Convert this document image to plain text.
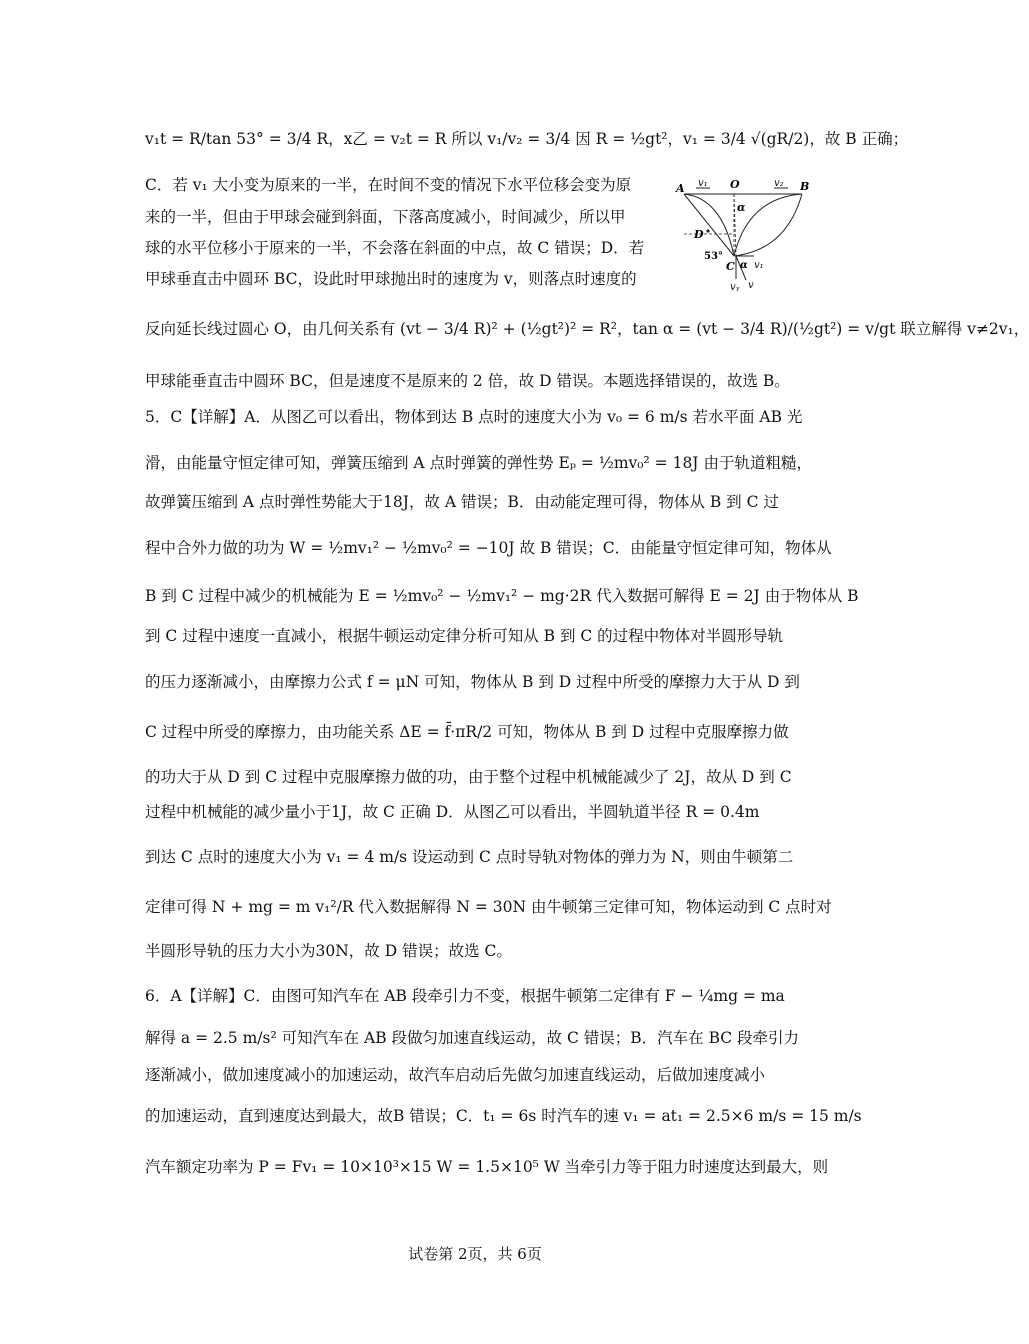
v₁t = R/tan 53° = 3/4 R，x乙 = v₂t = R 所以 v₁/v₂ = 3/4 因 R = ½gt²，v₁ = 3/4 √(gR/2)，故 B 正确；
C．若 v₁ 大小变为原来的一半，在时间不变的情况下水平位移会变为原
来的一半，但由于甲球会碰到斜面，下落高度减小，时间减少，所以甲
球的水平位移小于原来的一半，不会落在斜面的中点，故 C 错误；D．若
甲球垂直击中圆环 BC，设此时甲球抛出时的速度为 v，则落点时速度的
反向延长线过圆心 O，由几何关系有 (vt − 3/4 R)² + (½gt²)² = R²，tan α = (vt − 3/4 R)/(½gt²) = v/gt 联立解得 v≠2v₁，
甲球能垂直击中圆环 BC，但是速度不是原来的 2 倍，故 D 错误。本题选择错误的，故选 B。
5．C【详解】A．从图乙可以看出，物体到达 B 点时的速度大小为 v₀ = 6 m/s 若水平面 AB 光
滑，由能量守恒定律可知，弹簧压缩到 A 点时弹簧的弹性势 Eₚ = ½mv₀² = 18J 由于轨道粗糙，
故弹簧压缩到 A 点时弹性势能大于18J，故 A 错误；B．由动能定理可得，物体从 B 到 C 过
程中合外力做的功为 W = ½mv₁² − ½mv₀² = −10J 故 B 错误；C．由能量守恒定律可知，物体从
B 到 C 过程中减少的机械能为 E = ½mv₀² − ½mv₁² − mg·2R 代入数据可解得 E = 2J 由于物体从 B
到 C 过程中速度一直减小，根据牛顿运动定律分析可知从 B 到 C 的过程中物体对半圆形导轨
的压力逐渐减小，由摩擦力公式 f = μN 可知，物体从 B 到 D 过程中所受的摩擦力大于从 D 到
C 过程中所受的摩擦力，由功能关系 ΔE = f̄·πR/2 可知，物体从 B 到 D 过程中克服摩擦力做
的功大于从 D 到 C 过程中克服摩擦力做的功，由于整个过程中机械能减少了 2J，故从 D 到 C
过程中机械能的减少量小于1J，故 C 正确 D．从图乙可以看出，半圆轨道半径 R = 0.4m
到达 C 点时的速度大小为 v₁ = 4 m/s 设运动到 C 点时导轨对物体的弹力为 N，则由牛顿第二
定律可得 N + mg = m v₁²/R 代入数据解得 N = 30N 由牛顿第三定律可知，物体运动到 C 点时对
半圆形导轨的压力大小为30N，故 D 错误；故选 C。
6．A【详解】C．由图可知汽车在 AB 段牵引力不变，根据牛顿第二定律有 F − ¼mg = ma
解得 a = 2.5 m/s² 可知汽车在 AB 段做匀加速直线运动，故 C 错误；B．汽车在 BC 段牵引力
逐渐减小，做加速度减小的加速运动，故汽车启动后先做匀加速直线运动，后做加速度减小
的加速运动，直到速度达到最大，故B 错误；C．t₁ = 6s 时汽车的速 v₁ = at₁ = 2.5×6 m/s = 15 m/s
汽车额定功率为 P = Fv₁ = 10×10³×15 W = 1.5×10⁵ W 当牵引力等于阻力时速度达到最大，则
A v₁ O	v₂ B
α
D
53°
C α v₁
vᵧ v
试卷第 2页，共 6页
